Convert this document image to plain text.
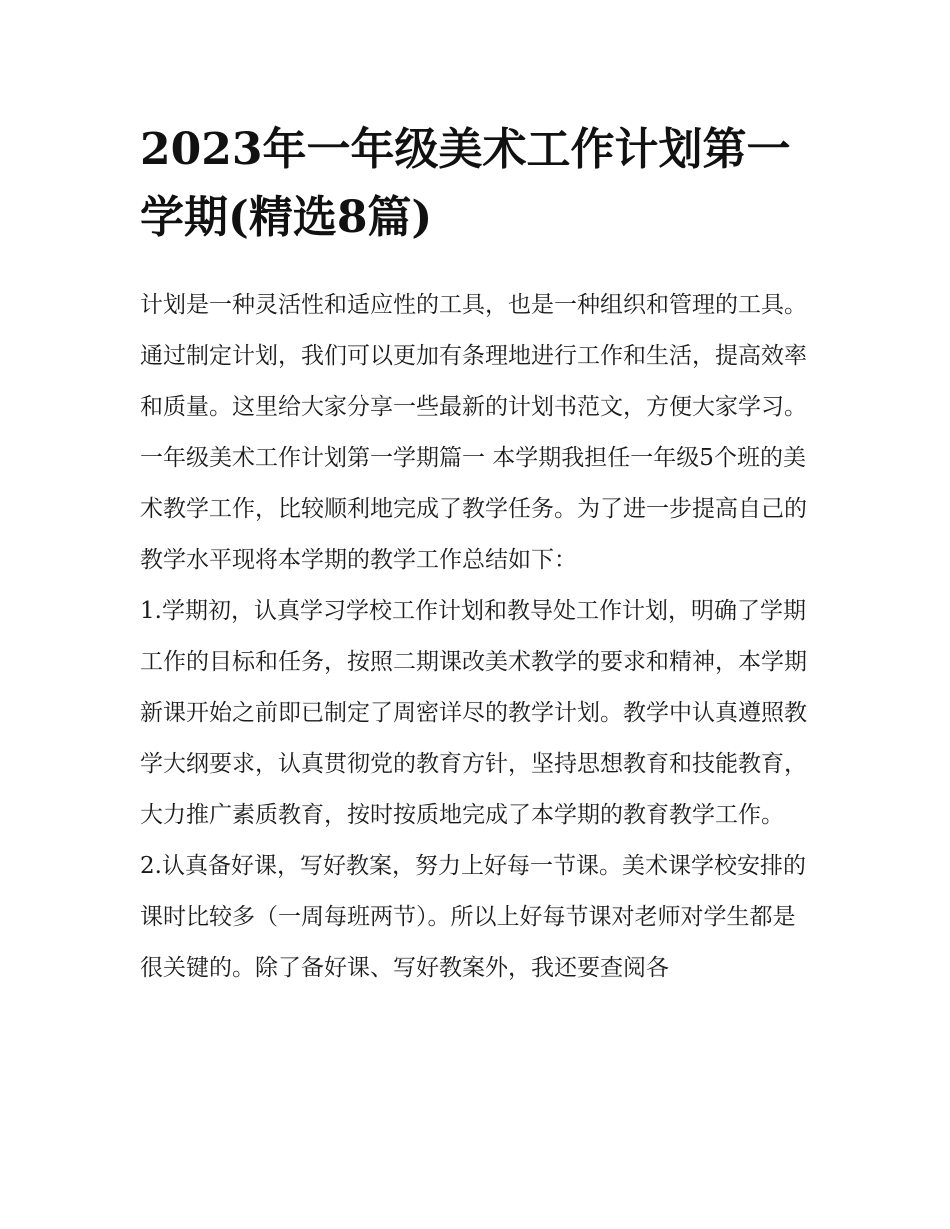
2023年一年级美术工作计划第一学期(精选8篇)

计划是一种灵活性和适应性的工具，也是一种组织和管理的工具。通过制定计划，我们可以更加有条理地进行工作和生活，提高效率和质量。这里给大家分享一些最新的计划书范文，方便大家学习。

一年级美术工作计划第一学期篇一 本学期我担任一年级5个班的美术教学工作，比较顺利地完成了教学任务。为了进一步提高自己的教学水平现将本学期的教学工作总结如下：

1.学期初，认真学习学校工作计划和教导处工作计划，明确了学期工作的目标和任务，按照二期课改美术教学的要求和精神，本学期新课开始之前即已制定了周密详尽的教学计划。教学中认真遵照教学大纲要求，认真贯彻党的教育方针，坚持思想教育和技能教育，大力推广素质教育，按时按质地完成了本学期的教育教学工作。

2.认真备好课，写好教案，努力上好每一节课。美术课学校安排的课时比较多（一周每班两节）。所以上好每节课对老师对学生都是很关键的。除了备好课、写好教案外，我还要查阅各
